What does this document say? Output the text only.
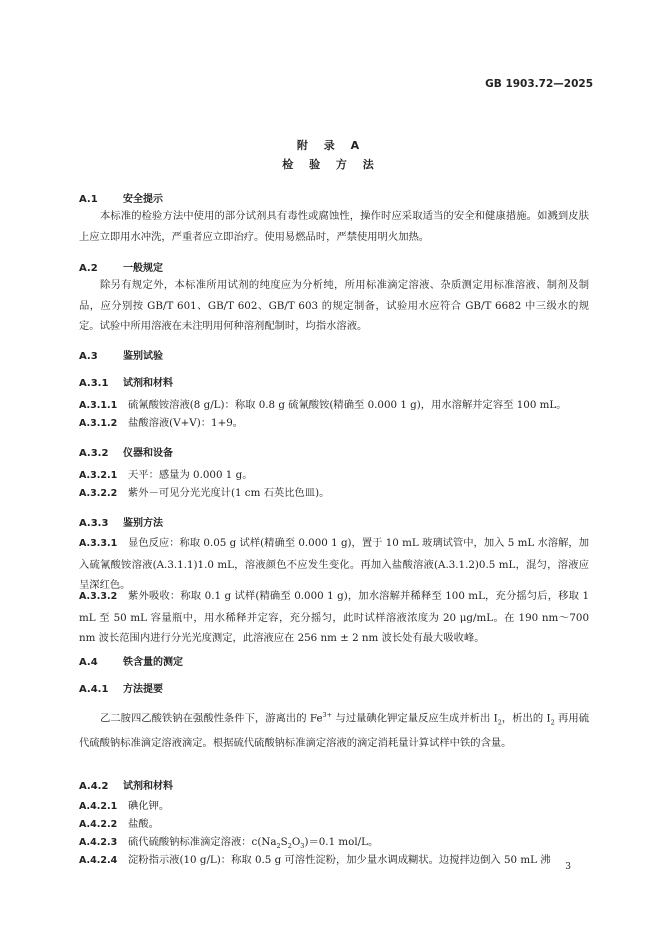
GB 1903.72—2025
附 录 A
检 验 方 法
A.1	安全提示
本标准的检验方法中使用的部分试剂具有毒性或腐蚀性，操作时应采取适当的安全和健康措施。如溅到皮肤上应立即用水冲洗，严重者应立即治疗。使用易燃品时，严禁使用明火加热。
A.2	一般规定
除另有规定外，本标准所用试剂的纯度应为分析纯，所用标准滴定溶液、杂质测定用标准溶液、制剂及制品，应分别按 GB/T 601、GB/T 602、GB/T 603 的规定制备，试验用水应符合 GB/T 6682 中三级水的规定。试验中所用溶液在未注明用何种溶剂配制时，均指水溶液。
A.3	鉴别试验
A.3.1 试剂和材料
A.3.1.1 硫氰酸铵溶液(8 g/L)：称取 0.8 g 硫氰酸铵(精确至 0.000 1 g)，用水溶解并定容至 100 mL。
A.3.1.2 盐酸溶液(V+V)：1+9。
A.3.2 仪器和设备
A.3.2.1 天平：感量为 0.000 1 g。
A.3.2.2 紫外－可见分光光度计(1 cm 石英比色皿)。
A.3.3 鉴别方法
A.3.3.1 显色反应：称取 0.05 g 试样(精确至 0.000 1 g)，置于 10 mL 玻璃试管中，加入 5 mL 水溶解，加入硫氰酸铵溶液(A.3.1.1)1.0 mL，溶液颜色不应发生变化。再加入盐酸溶液(A.3.1.2)0.5 mL，混匀，溶液应呈深红色。
A.3.3.2 紫外吸收：称取 0.1 g 试样(精确至 0.000 1 g)，加水溶解并稀释至 100 mL，充分摇匀后，移取 1 mL 至 50 mL 容量瓶中，用水稀释并定容，充分摇匀，此时试样溶液浓度为 20 μg/mL。在 190 nm～700 nm 波长范围内进行分光光度测定，此溶液应在 256 nm ± 2 nm 波长处有最大吸收峰。
A.4	铁含量的测定
A.4.1 方法提要
乙二胺四乙酸铁钠在强酸性条件下，游离出的 $Fe^{3+}$ 与过量碘化钾定量反应生成并析出 $I_2$，析出的 $I_2$ 再用硫代硫酸钠标准滴定溶液滴定。根据硫代硫酸钠标准滴定溶液的滴定消耗量计算试样中铁的含量。
A.4.2 试剂和材料
A.4.2.1 碘化钾。
A.4.2.2 盐酸。
A.4.2.3 硫代硫酸钠标准滴定溶液：$c(Na_2S_2O_3)=0.1$ mol/L。
A.4.2.4 淀粉指示液(10 g/L)：称取 0.5 g 可溶性淀粉，加少量水调成糊状。边搅拌边倒入 50 mL 沸
3
